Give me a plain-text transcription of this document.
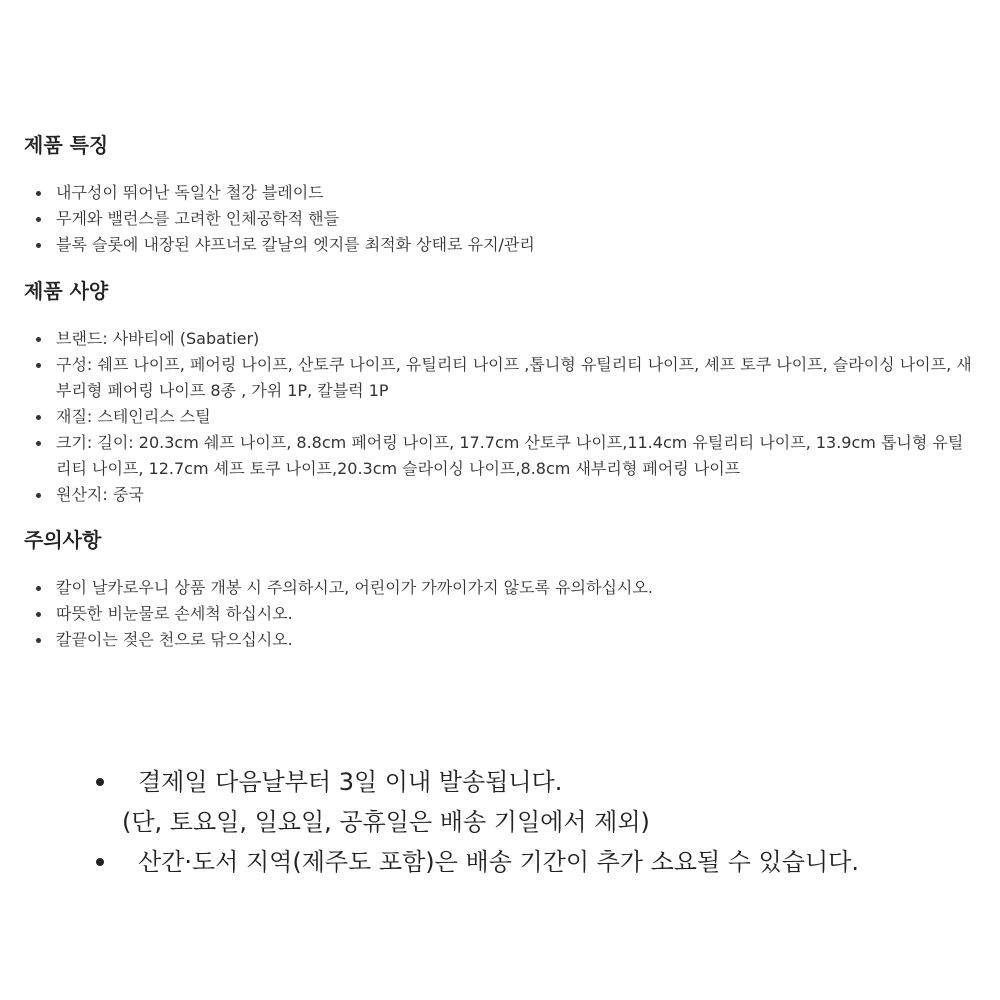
제품 특징
내구성이 뛰어난 독일산 철강 블레이드
무게와 밸런스를 고려한 인체공학적 핸들
블록 슬롯에 내장된 샤프너로 칼날의 엣지를 최적화 상태로 유지/관리
제품 사양
브랜드: 사바티에 (Sabatier)
구성: 쉐프 나이프, 페어링 나이프, 산토쿠 나이프, 유틸리티 나이프 ,톱니형 유틸리티 나이프, 셰프 토쿠 나이프, 슬라이싱 나이프, 새부리형 페어링 나이프 8종 , 가위 1P, 칼블럭 1P
재질: 스테인리스 스틸
크기: 길이: 20.3cm 쉐프 나이프, 8.8cm 페어링 나이프, 17.7cm 산토쿠 나이프,11.4cm 유틸리티 나이프, 13.9cm 톱니형 유틸리티 나이프, 12.7cm 셰프 토쿠 나이프,20.3cm 슬라이싱 나이프,8.8cm 새부리형 페어링 나이프
원산지: 중국
주의사항
칼이 날카로우니 상품 개봉 시 주의하시고, 어린이가 가까이가지 않도록 유의하십시오.
따뜻한 비눈물로 손세척 하십시오.
칼끝이는 젖은 천으로 닦으십시오.
결제일 다음날부터 3일 이내 발송됩니다.
(단, 토요일, 일요일, 공휴일은 배송 기일에서 제외)
산간·도서 지역(제주도 포함)은 배송 기간이 추가 소요될 수 있습니다.
